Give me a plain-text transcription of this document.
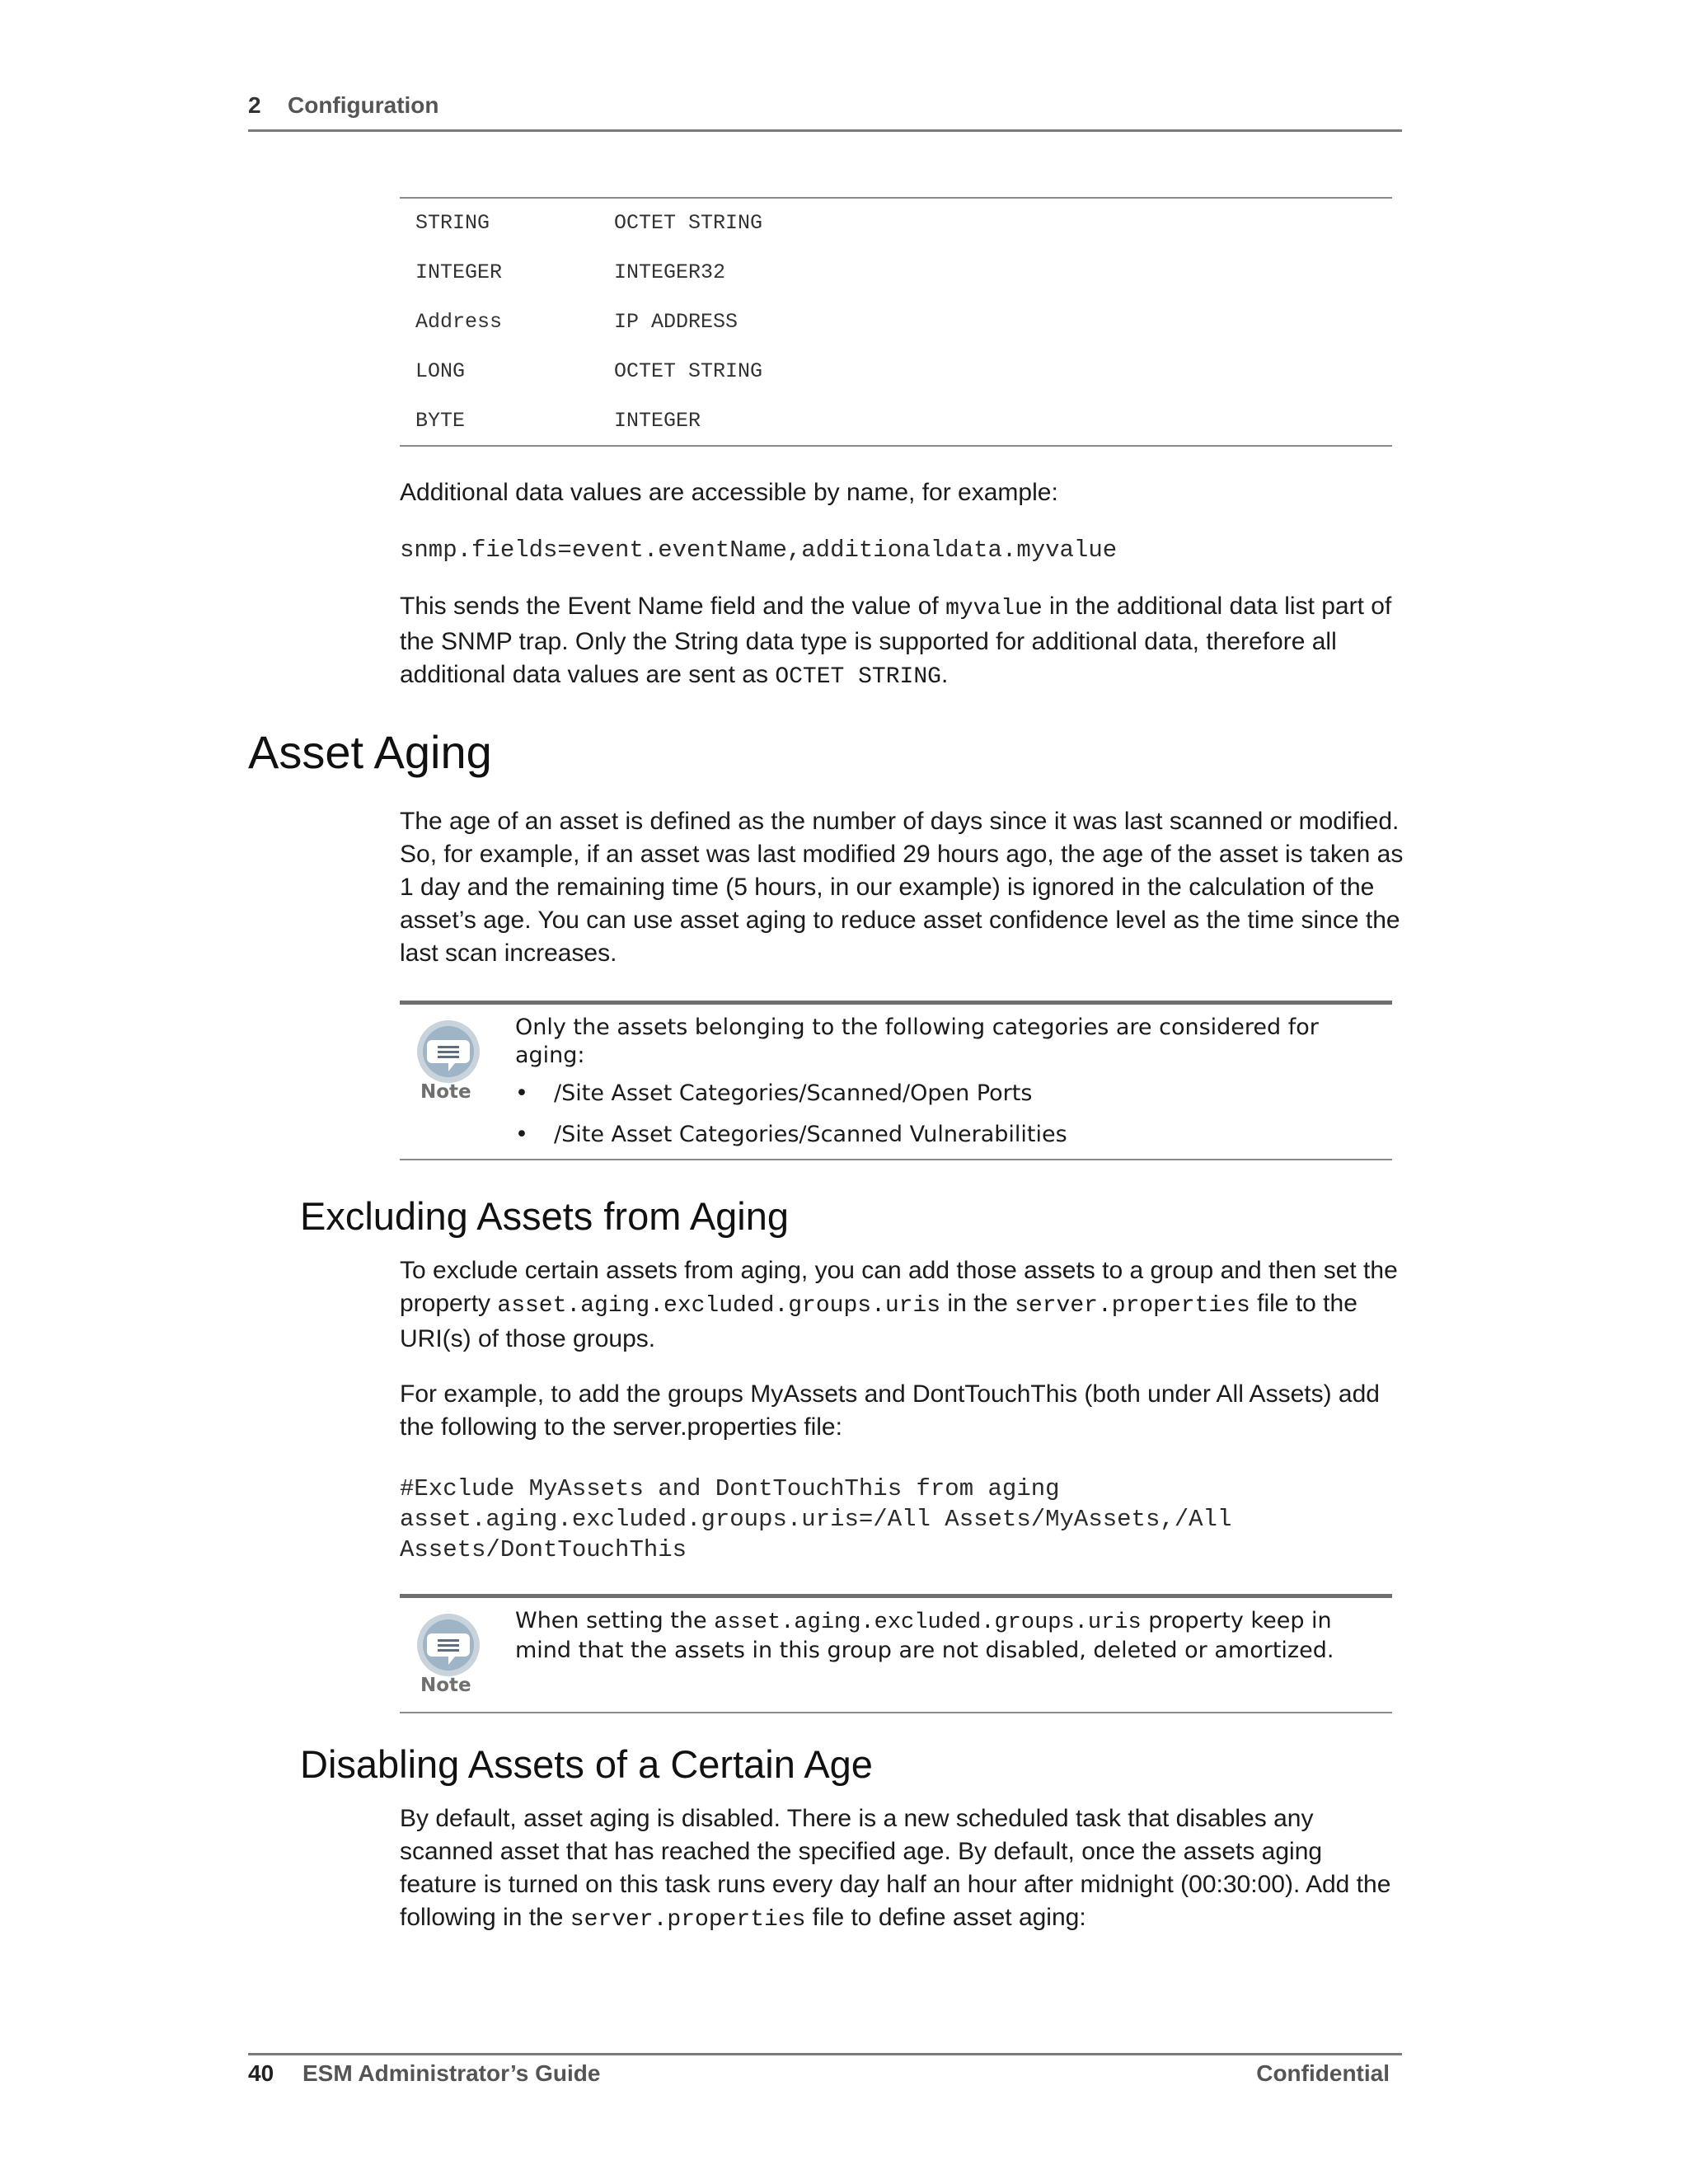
2 Configuration
STRING	OCTET STRING
INTEGER	INTEGER32
Address	IP ADDRESS
LONG	OCTET STRING
BYTE	INTEGER
Additional data values are accessible by name, for example:
snmp.fields=event.eventName,additionaldata.myvalue
This sends the Event Name field and the value of myvalue in the additional data list part of the SNMP trap. Only the String data type is supported for additional data, therefore all additional data values are sent as OCTET STRING.
Asset Aging
The age of an asset is defined as the number of days since it was last scanned or modified. So, for example, if an asset was last modified 29 hours ago, the age of the asset is taken as 1 day and the remaining time (5 hours, in our example) is ignored in the calculation of the asset’s age. You can use asset aging to reduce asset confidence level as the time since the last scan increases.
Note
Only the assets belonging to the following categories are considered for aging:
• /Site Asset Categories/Scanned/Open Ports
• /Site Asset Categories/Scanned Vulnerabilities
Excluding Assets from Aging
To exclude certain assets from aging, you can add those assets to a group and then set the property asset.aging.excluded.groups.uris in the server.properties file to the URI(s) of those groups.
For example, to add the groups MyAssets and DontTouchThis (both under All Assets) add the following to the server.properties file:
#Exclude MyAssets and DontTouchThis from aging
asset.aging.excluded.groups.uris=/All Assets/MyAssets,/All
Assets/DontTouchThis
Note
When setting the asset.aging.excluded.groups.uris property keep in mind that the assets in this group are not disabled, deleted or amortized.
Disabling Assets of a Certain Age
By default, asset aging is disabled. There is a new scheduled task that disables any scanned asset that has reached the specified age. By default, once the assets aging feature is turned on this task runs every day half an hour after midnight (00:30:00). Add the following in the server.properties file to define asset aging:
40 ESM Administrator’s Guide	Confidential
